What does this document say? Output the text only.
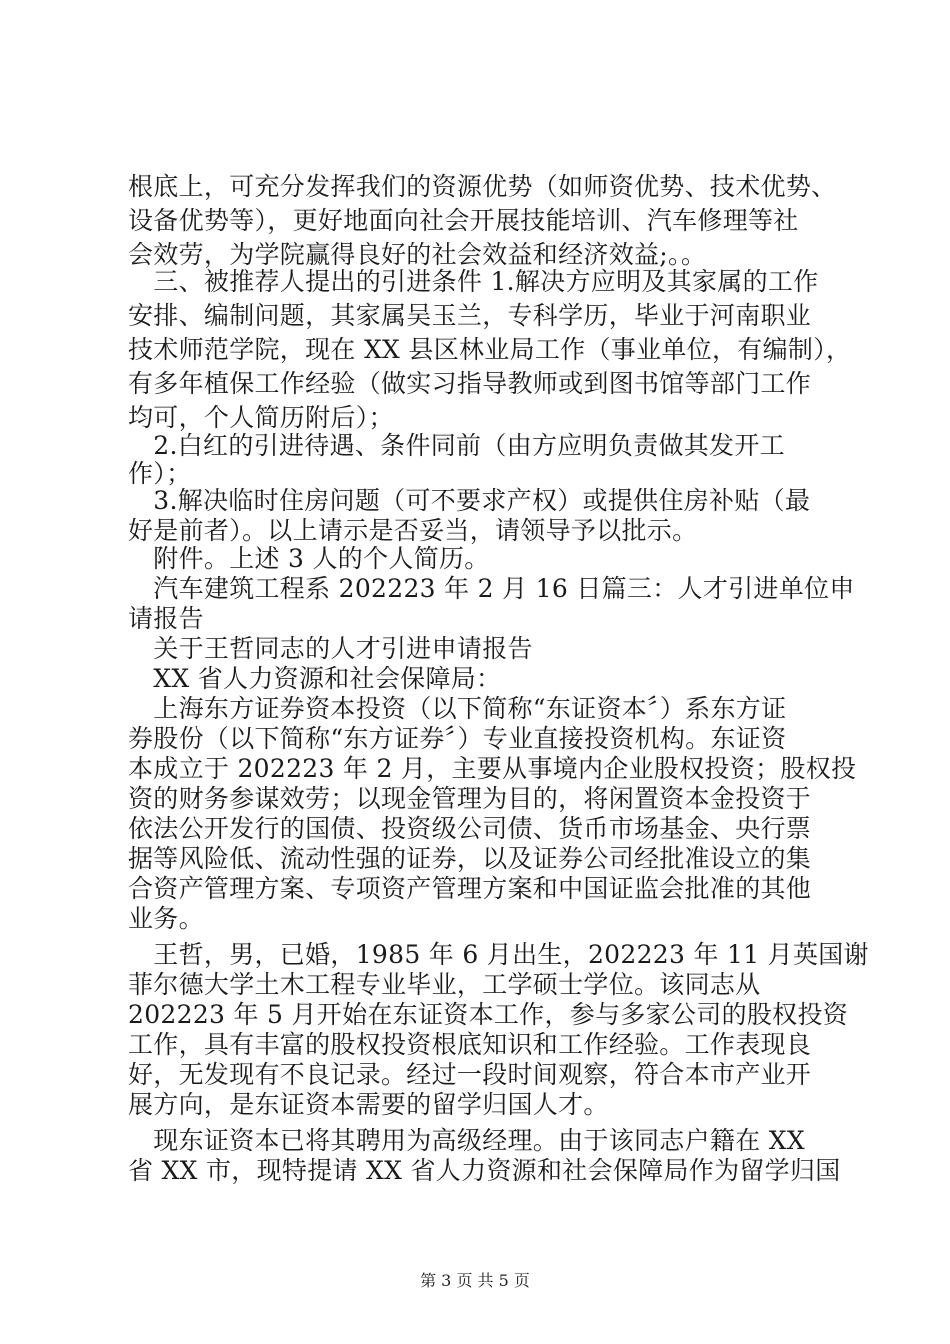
根底上，可充分发挥我们的资源优势（如师资优势、技术优势、
设备优势等），更好地面向社会开展技能培训、汽车修理等社
会效劳，为学院赢得良好的社会效益和经济效益;。。
　三、被推荐人提出的引进条件 1.解决方应明及其家属的工作
安排、编制问题，其家属吴玉兰，专科学历，毕业于河南职业
技术师范学院，现在 XX 县区林业局工作（事业单位，有编制），
有多年植保工作经验（做实习指导教师或到图书馆等部门工作
均可，个人简历附后）；
　2.白红的引进待遇、条件同前（由方应明负责做其发开工
作）；
　3.解决临时住房问题（可不要求产权）或提供住房补贴（最
好是前者）。以上请示是否妥当，请领导予以批示。
　附件。上述 3 人的个人简历。
　汽车建筑工程系 202223 年 2 月 16 日篇三：人才引进单位申
请报告
　关于王哲同志的人才引进申请报告
　XX 省人力资源和社会保障局：
　上海东方证券资本投资（以下简称“东证资本〞）系东方证
券股份（以下简称“东方证券〞）专业直接投资机构。东证资
本成立于 202223 年 2 月，主要从事境内企业股权投资；股权投
资的财务参谋效劳；以现金管理为目的，将闲置资本金投资于
依法公开发行的国债、投资级公司债、货币市场基金、央行票
据等风险低、流动性强的证券，以及证券公司经批准设立的集
合资产管理方案、专项资产管理方案和中国证监会批准的其他
业务。
　王哲，男，已婚，1985 年 6 月出生，202223 年 11 月英国谢
菲尔德大学土木工程专业毕业，工学硕士学位。该同志从
202223 年 5 月开始在东证资本工作，参与多家公司的股权投资
工作，具有丰富的股权投资根底知识和工作经验。工作表现良
好，无发现有不良记录。经过一段时间观察，符合本市产业开
展方向，是东证资本需要的留学归国人才。
　现东证资本已将其聘用为高级经理。由于该同志户籍在 XX
省 XX 市，现特提请 XX 省人力资源和社会保障局作为留学归国
第 3 页 共 5 页
